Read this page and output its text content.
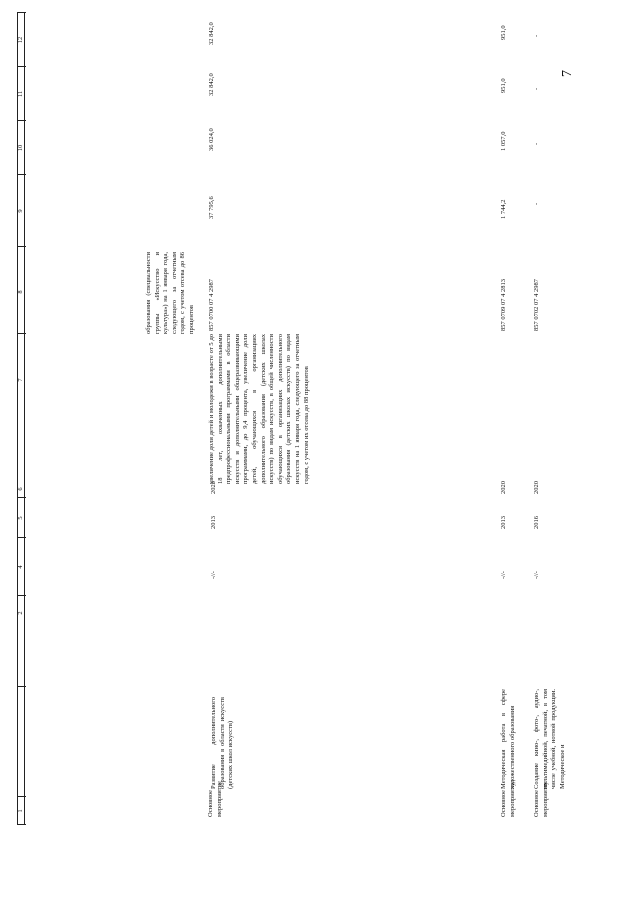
7
1
2
4
5
6
7
8
9
10
11
12
образования (специальности группы «Искусство и культура») на 1 января года, следующего за отчетным годом, с учетом отсева до 86 процентов
Основное мероприятие
Развитие дополнительного образования в области искусств (детских школ искусств)
-//-
2013
2020
увеличение доли детей и молодежи в возрасте от 5 до 18 лет, охваченных дополнительными предпрофессиональными программами в области искусств и дополнительными общеразвивающими программами, до 9,4 процента, увеличение доли детей, обучающихся в организациях дополнительного образования (детских школах искусств) по видам искусств, в общей численности обучающихся в организациях дополнительного образования (детских школах искусств) по видам искусств на 1 января года, следующего за отчетным годом, с учетом их отсева до 88 процентов
857 0700 07 4 2987
37 795,6
36 024,0
32 842,0
32 842,0
Основное мероприятие
Методическая работа в сфере художественного образования
-//-
2013
2020
857 0709 07 4 2813
1 744,2
1 057,0
951,0
951,0
Основное мероприятие
Создание кино-, фото-, аудио-, мультимедийной, печатной, в том числе учебной, нотной продукции. Методическое и
-//-
2016
2020
857 0702 07 4 2987
-
-
-
-
